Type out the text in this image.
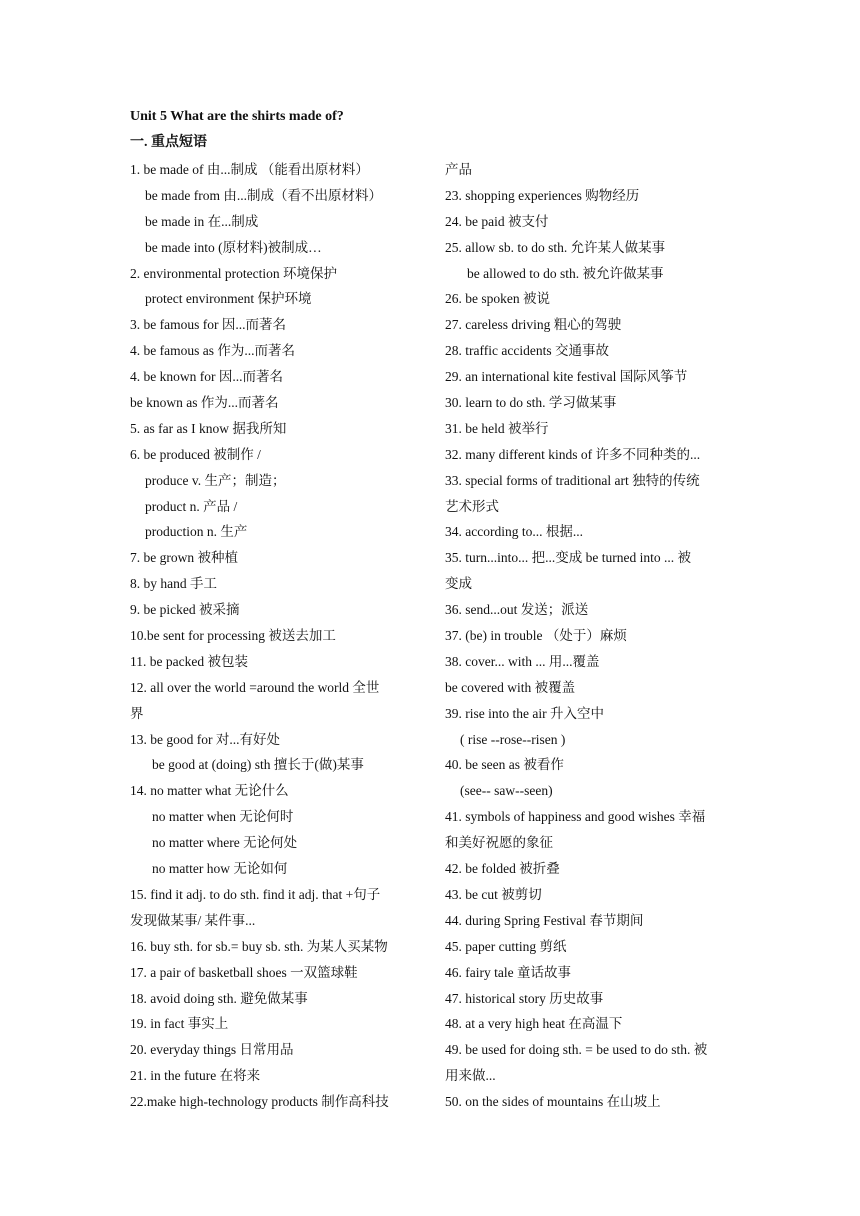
Unit 5 What are the shirts made of?
一. 重点短语
1. be made of 由...制成 （能看出原材料）
be made from 由...制成（看不出原材料）
be made in 在...制成
be made into (原材料)被制成…
2. environmental protection 环境保护
protect environment 保护环境
3. be famous for 因...而著名
4. be famous as 作为...而著名
4. be known for 因...而著名
be known as 作为...而著名
5. as far as I know 据我所知
6. be produced 被制作 /
produce v. 生产；制造；
product n. 产品 /
production n. 生产
7. be grown 被种植
8. by hand 手工
9. be picked 被采摘
10.be sent for processing 被送去加工
11. be packed 被包装
12. all over the world =around the world 全世
界
13. be good for 对...有好处
be good at (doing) sth 擅长于(做)某事
14. no matter what 无论什么
no matter when 无论何时
no matter where 无论何处
no matter how 无论如何
15. find it adj. to do sth. find it adj. that +句子
发现做某事/ 某件事...
16. buy sth. for sb.= buy sb. sth. 为某人买某物
17. a pair of basketball shoes 一双篮球鞋
18. avoid doing sth. 避免做某事
19. in fact 事实上
20. everyday things 日常用品
21. in the future 在将来
22.make high-technology products 制作高科技
产品
23. shopping experiences 购物经历
24. be paid 被支付
25. allow sb. to do sth. 允许某人做某事
be allowed to do sth. 被允许做某事
26. be spoken 被说
27. careless driving 粗心的驾驶
28. traffic accidents 交通事故
29. an international kite festival 国际风筝节
30. learn to do sth. 学习做某事
31. be held 被举行
32. many different kinds of 许多不同种类的...
33. special forms of traditional art 独特的传统
艺术形式
34. according to... 根据...
35. turn...into... 把...变成 be turned into ... 被
变成
36. send...out 发送；派送
37. (be) in trouble （处于）麻烦
38. cover... with ... 用...覆盖
be covered with 被覆盖
39. rise into the air 升入空中
( rise --rose--risen )
40. be seen as 被看作
(see-- saw--seen)
41. symbols of happiness and good wishes 幸福
和美好祝愿的象征
42. be folded 被折叠
43. be cut 被剪切
44. during Spring Festival 春节期间
45. paper cutting 剪纸
46. fairy tale 童话故事
47. historical story 历史故事
48. at a very high heat 在高温下
49. be used for doing sth. = be used to do sth. 被
用来做...
50. on the sides of mountains 在山坡上
